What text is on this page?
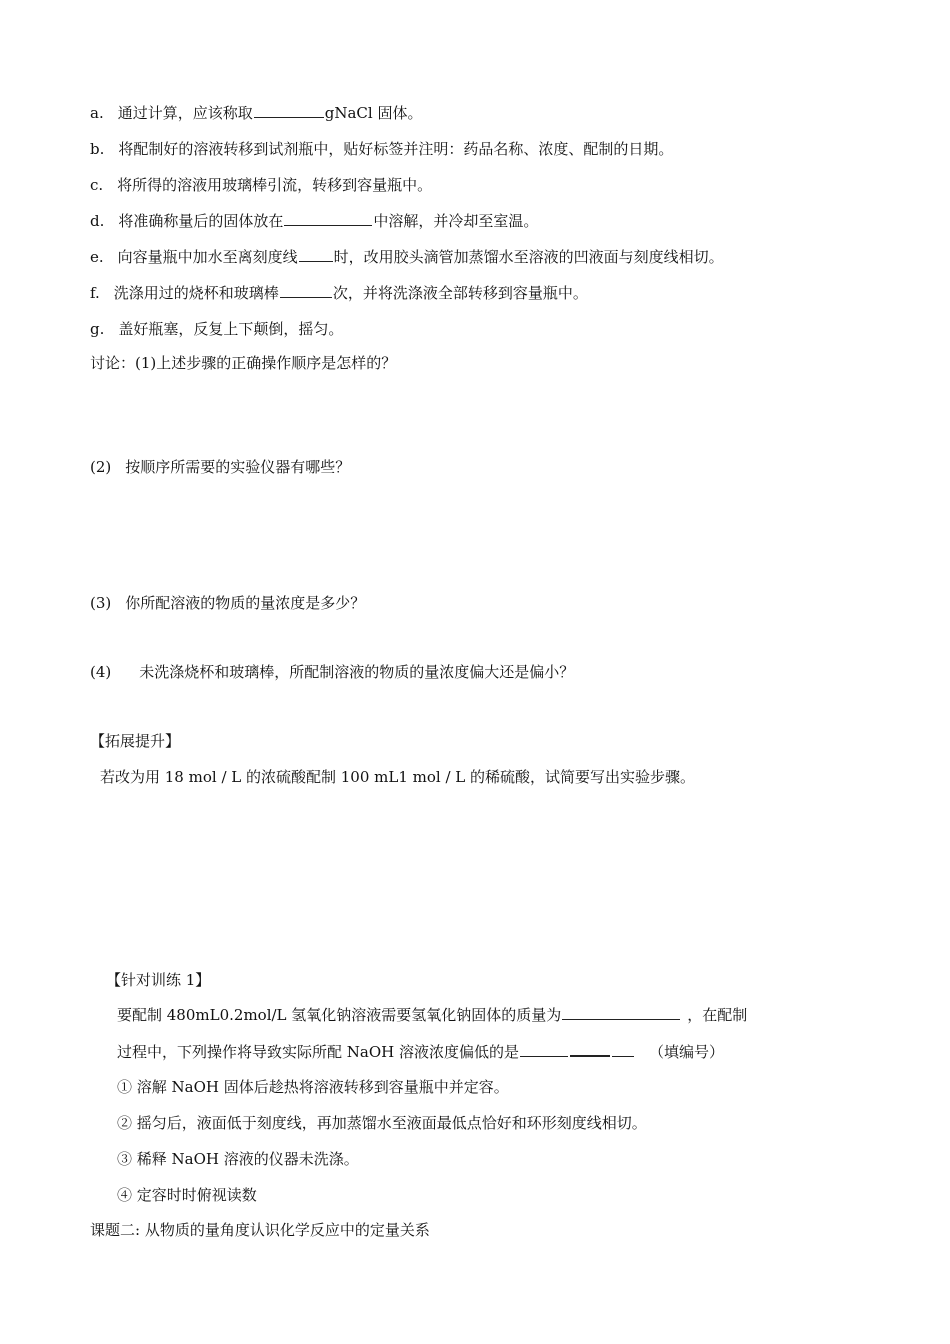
a. 通过计算，应该称取	gNaCl 固体。
b. 将配制好的溶液转移到试剂瓶中，贴好标签并注明：药品名称、浓度、配制的日期。
c. 将所得的溶液用玻璃棒引流，转移到容量瓶中。
d. 将准确称量后的固体放在	中溶解，并冷却至室温。
e. 向容量瓶中加水至离刻度线 时，改用胶头滴管加蒸馏水至溶液的凹液面与刻度线相切。
f. 洗涤用过的烧杯和玻璃棒	次，并将洗涤液全部转移到容量瓶中。
g. 盖好瓶塞，反复上下颠倒，摇匀。
讨论：(1)上述步骤的正确操作顺序是怎样的？
(2) 按顺序所需要的实验仪器有哪些？
(3) 你所配溶液的物质的量浓度是多少？
(4) 未洗涤烧杯和玻璃棒，所配制溶液的物质的量浓度偏大还是偏小？
【拓展提升】
若改为用 18 mol / L 的浓硫酸配制 100 mL1 mol / L 的稀硫酸，试简要写出实验步骤。
【针对训练 1】
要配制 480mL0.2mol/L 氢氧化钠溶液需要氢氧化钠固体的质量为	，在配制
过程中，下列操作将导致实际所配 NaOH 溶液浓度偏低的是	（填编号）
① 溶解 NaOH 固体后趁热将溶液转移到容量瓶中并定容。
② 摇匀后，液面低于刻度线，再加蒸馏水至液面最低点恰好和环形刻度线相切。
③ 稀释 NaOH 溶液的仪器未洗涤。
④ 定容时时俯视读数
课题二: 从物质的量角度认识化学反应中的定量关系
